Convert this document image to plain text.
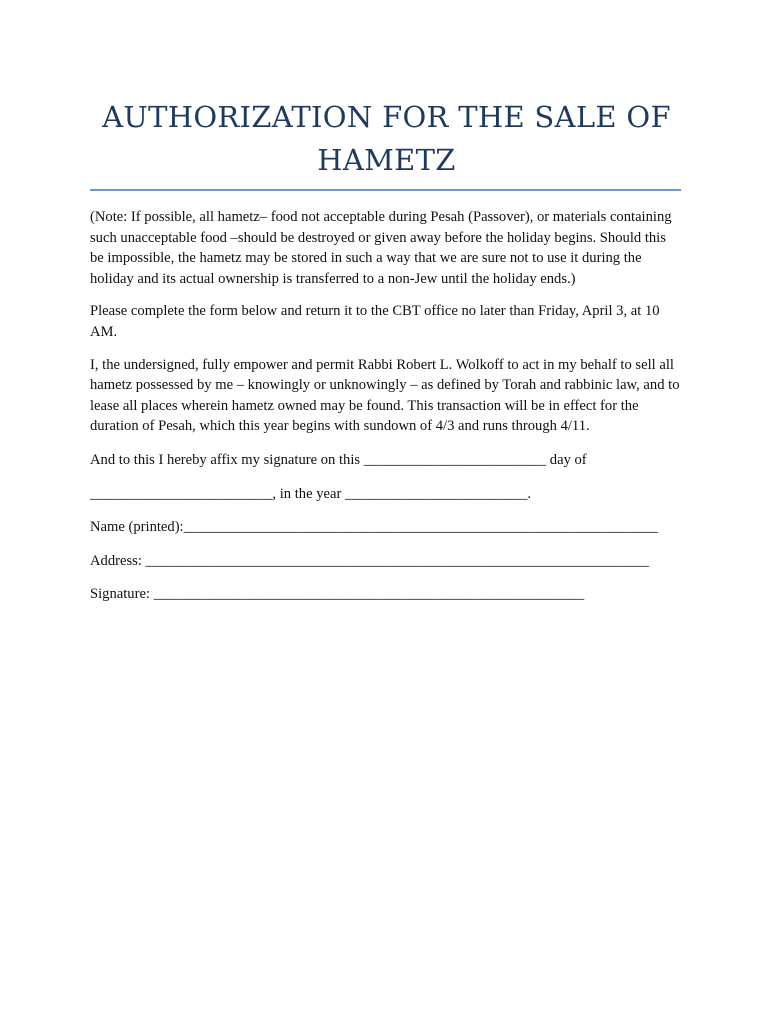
AUTHORIZATION FOR THE SALE OF
HAMETZ

(Note: If possible, all hametz– food not acceptable during Pesah (Passover), or materials containing such unacceptable food –should be destroyed or given away before the holiday begins. Should this be impossible, the hametz may be stored in such a way that we are sure not to use it during the holiday and its actual ownership is transferred to a non-Jew until the holiday ends.)

Please complete the form below and return it to the CBT office no later than Friday, April 3, at 10 AM.

I, the undersigned, fully empower and permit Rabbi Robert L. Wolkoff to act in my behalf to sell all hametz possessed by me – knowingly or unknowingly – as defined by Torah and rabbinic law, and to lease all places wherein hametz owned may be found. This transaction will be in effect for the duration of Pesah, which this year begins with sundown of 4/3 and runs through 4/11.

And to this I hereby affix my signature on this _________________________ day of

_________________________, in the year _________________________.

Name (printed):_________________________________________________________________

Address: _____________________________________________________________________

Signature: ___________________________________________________________
